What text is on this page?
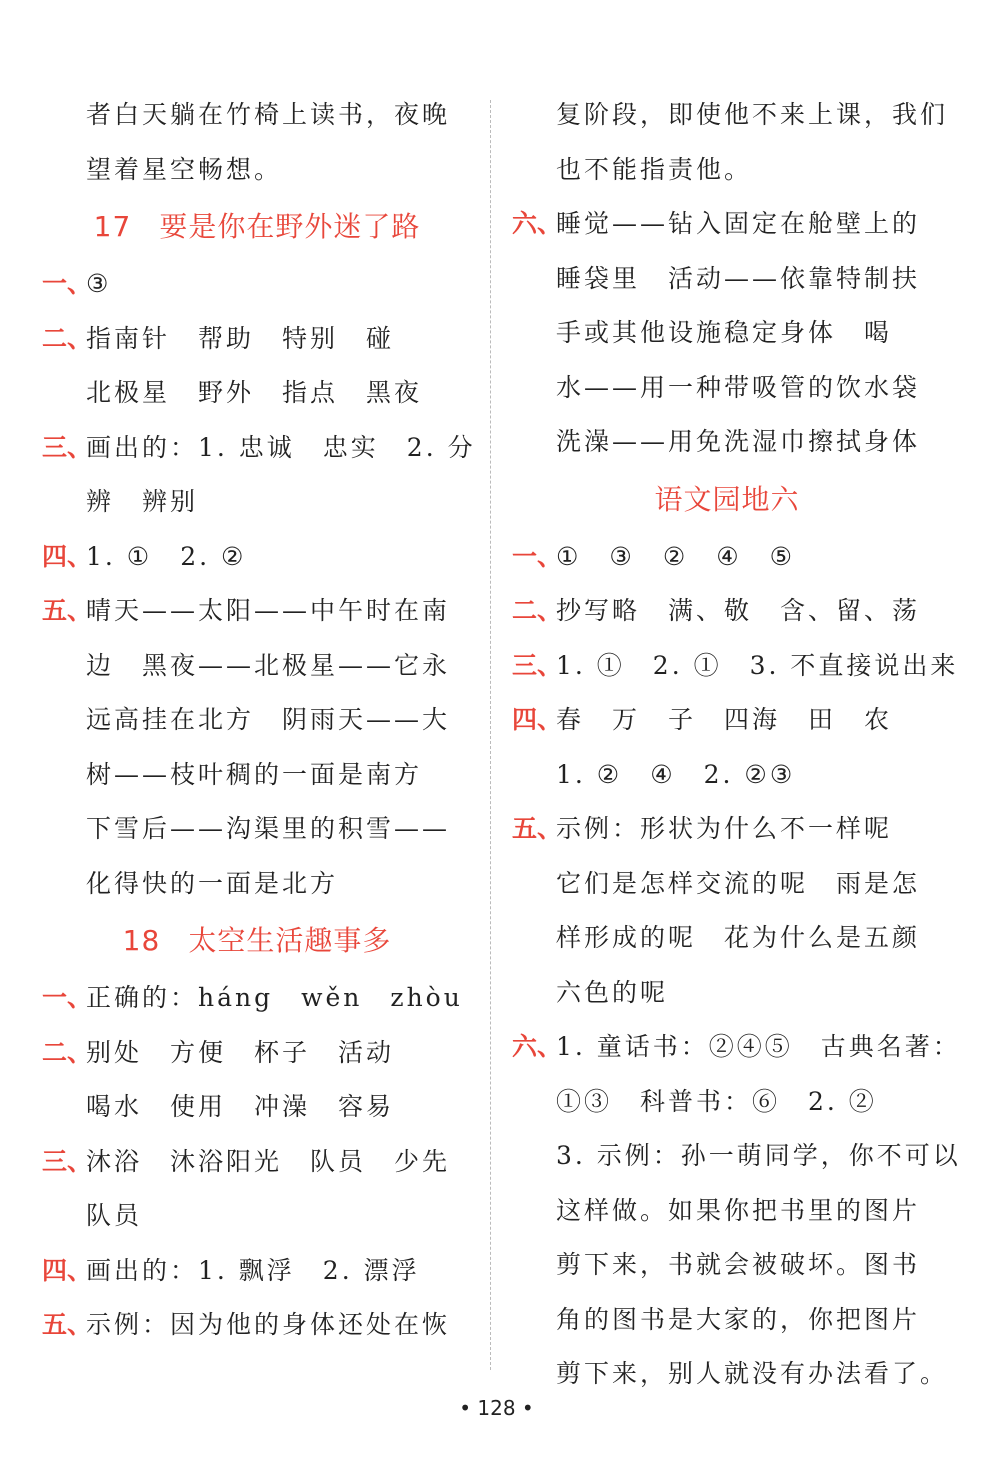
者白天躺在竹椅上读书，夜晚
望着星空畅想。
17 要是你在野外迷了路
一、③
二、指南针　帮助　特别　碰
北极星　野外　指点　黑夜
三、画出的：1. 忠诚　忠实　2. 分
辨　辨别
四、1. ①　2. ②
五、晴天——太阳——中午时在南
边　黑夜——北极星——它永
远高挂在北方　阴雨天——大
树——枝叶稠的一面是南方
下雪后——沟渠里的积雪——
化得快的一面是北方
18 太空生活趣事多
一、正确的：háng　wěn　zhòu
二、别处　方便　杯子　活动
喝水　使用　冲澡　容易
三、沐浴　沐浴阳光　队员　少先
队员
四、画出的：1. 飘浮　2. 漂浮
五、示例：因为他的身体还处在恢
复阶段，即使他不来上课，我们
也不能指责他。
六、睡觉——钻入固定在舱壁上的
睡袋里　活动——依靠特制扶
手或其他设施稳定身体　喝
水——用一种带吸管的饮水袋
洗澡——用免洗湿巾擦拭身体
语文园地六
一、①　③　②　④　⑤
二、抄写略　满、敬　含、留、荡
三、1. ①　2. ①　3. 不直接说出来
四、春　万　子　四海　田　农
1. ②　④　2. ②③
五、示例：形状为什么不一样呢
它们是怎样交流的呢　雨是怎
样形成的呢　花为什么是五颜
六色的呢
六、1. 童话书：②④⑤　古典名著：
①③　科普书：⑥　2. ②
3. 示例：孙一萌同学，你不可以
这样做。如果你把书里的图片
剪下来，书就会被破坏。图书
角的图书是大家的，你把图片
剪下来，别人就没有办法看了。
• 128 •
